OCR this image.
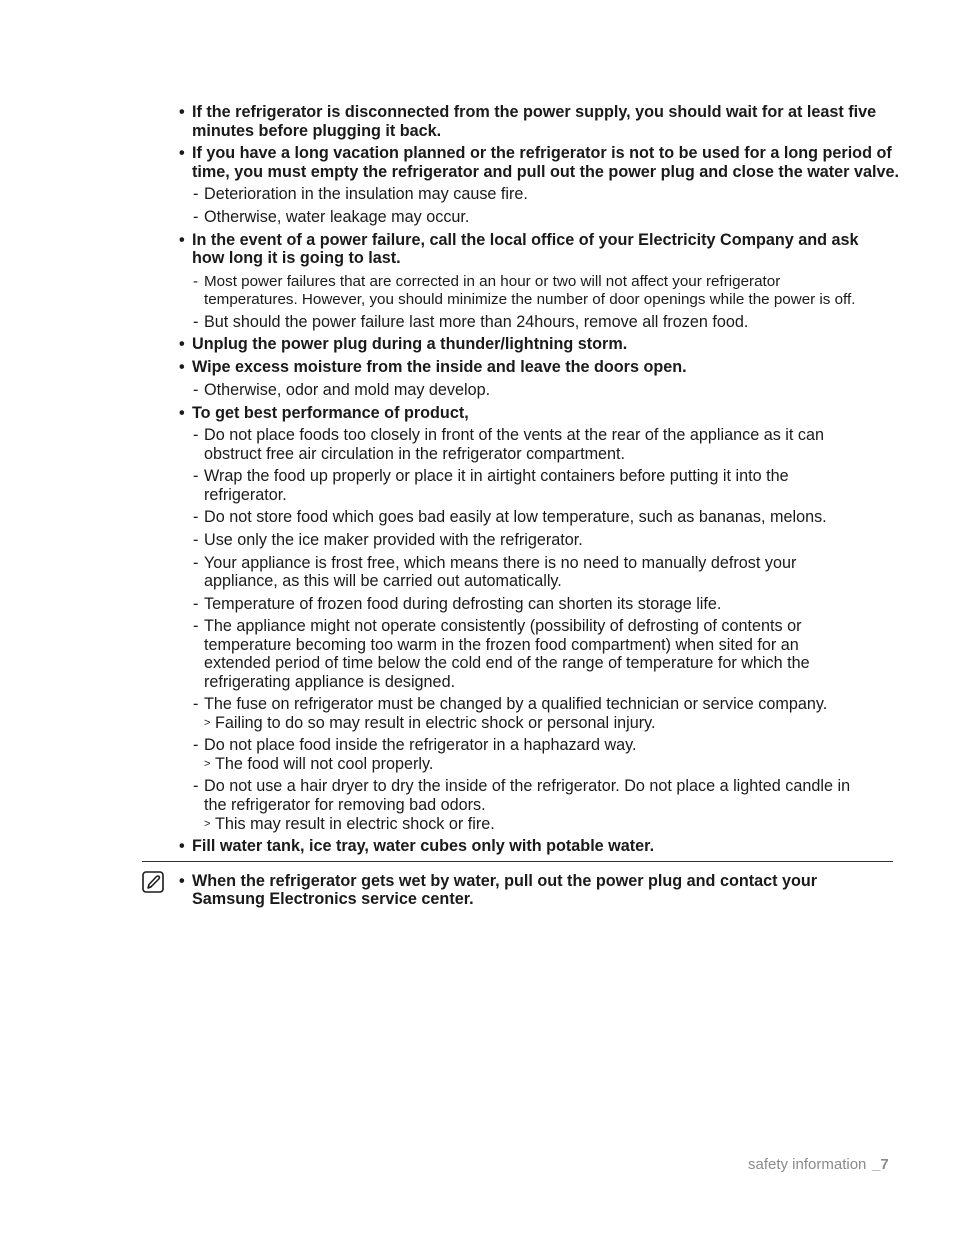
• If the refrigerator is disconnected from the power supply, you should wait for at least five
minutes before plugging it back.
• If you have a long vacation planned or the refrigerator is not to be used for a long period of
time, you must empty the refrigerator and pull out the power plug and close the water valve.
- Deterioration in the insulation may cause fire.
- Otherwise, water leakage may occur.
• In the event of a power failure, call the local office of your Electricity Company and ask
how long it is going to last.
- Most power failures that are corrected in an hour or two will not affect your refrigerator
temperatures. However, you should minimize the number of door openings while the power is off.
- But should the power failure last more than 24hours, remove all frozen food.
• Unplug the power plug during a thunder/lightning storm.
• Wipe excess moisture from the inside and leave the doors open.
- Otherwise, odor and mold may develop.
• To get best performance of product,
- Do not place foods too closely in front of the vents at the rear of the appliance as it can
obstruct free air circulation in the refrigerator compartment.
- Wrap the food up properly or place it in airtight containers before putting it into the
refrigerator.
- Do not store food which goes bad easily at low temperature, such as bananas, melons.
- Use only the ice maker provided with the refrigerator.
- Your appliance is frost free, which means there is no need to manually defrost your
appliance, as this will be carried out automatically.
- Temperature of frozen food during defrosting can shorten its storage life.
- The appliance might not operate consistently (possibility of defrosting of contents or
temperature becoming too warm in the frozen food compartment) when sited for an
extended period of time below the cold end of the range of temperature for which the
refrigerating appliance is designed.
- The fuse on refrigerator must be changed by a qualified technician or service company.
> Failing to do so may result in electric shock or personal injury.
- Do not place food inside the refrigerator in a haphazard way.
> The food will not cool properly.
- Do not use a hair dryer to dry the inside of the refrigerator. Do not place a lighted candle in
the refrigerator for removing bad odors.
> This may result in electric shock or fire.
• Fill water tank, ice tray, water cubes only with potable water.
• When the refrigerator gets wet by water, pull out the power plug and contact your
Samsung Electronics service center.
safety information _7
